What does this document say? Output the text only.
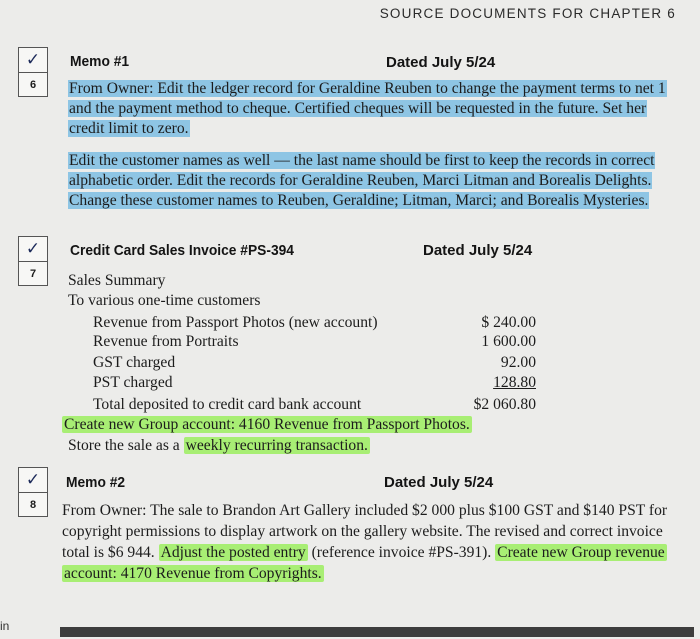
SOURCE DOCUMENTS FOR CHAPTER 6
✓
6
✓
7
✓
8
Memo #1	Dated July 5/24

From Owner: Edit the ledger record for Geraldine Reuben to change the payment terms to net 1 and the payment method to cheque. Certified cheques will be requested in the future. Set her credit limit to zero.

Edit the customer names as well — the last name should be first to keep the records in correct alphabetic order. Edit the records for Geraldine Reuben, Marci Litman and Borealis Delights. Change these customer names to Reuben, Geraldine; Litman, Marci; and Borealis Mysteries.

Credit Card Sales Invoice #PS-394	Dated July 5/24
Sales Summary
To various one-time customers
Revenue from Passport Photos (new account)	$ 240.00
Revenue from Portraits	1 600.00
GST charged	92.00
PST charged	128.80
Total deposited to credit card bank account	$2 060.80
Create new Group account: 4160 Revenue from Passport Photos.
Store the sale as a weekly recurring transaction.
Memo #2	Dated July 5/24

From Owner: The sale to Brandon Art Gallery included $2 000 plus $100 GST and $140 PST for copyright permissions to display artwork on the gallery website. The revised and correct invoice total is $6 944. Adjust the posted entry (reference invoice #PS-391). Create new Group revenue account: 4170 Revenue from Copyrights.

in
